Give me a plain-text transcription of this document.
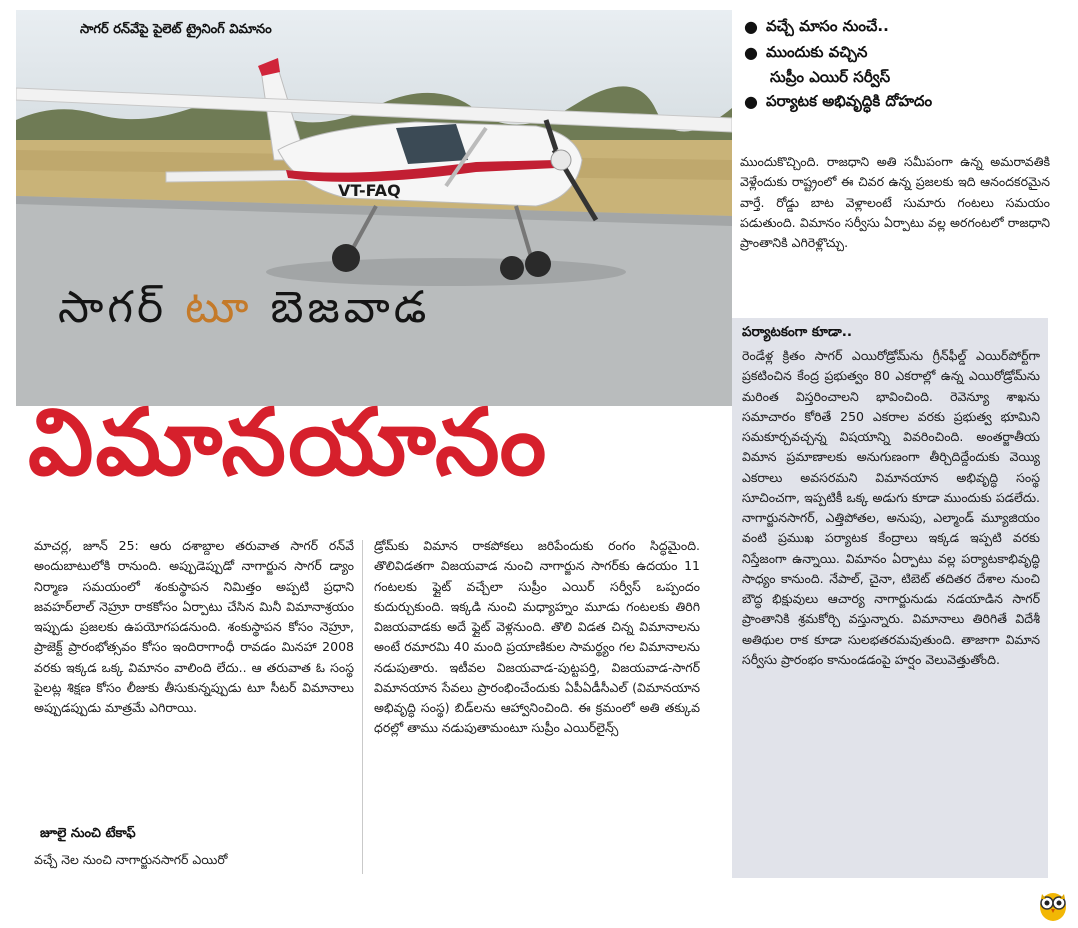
VT-FAQ
సాగర్ రన్‌వేపై పైలెట్ ట్రైనింగ్ విమానం
సాగర్ టూ బెజవాడ
విమానయానం
● వచ్చే మాసం నుంచే..
● ముందుకు వచ్చిన
సుప్రీం ఎయిర్ సర్వీస్
● పర్యాటక అభివృద్ధికి దోహదం
ముందుకొచ్చింది. రాజధాని అతి సమీపంగా ఉన్న అమరావతికి వెళ్లేందుకు రాష్ట్రంలో ఈ చివర ఉన్న ప్రజలకు ఇది ఆనందకరమైన వార్తే. రోడ్డు బాట వెళ్లాలంటే సుమారు గంటలు సమయం పడుతుంది. విమానం సర్వీసు ఏర్పాటు వల్ల అరగంటలో రాజధాని ప్రాంతానికి ఎగిరెళ్లొచ్చు.
పర్యాటకంగా కూడా..
రెండేళ్ల క్రితం సాగర్ ఎయిరోడ్రోమ్‌ను గ్రీన్‌ఫీల్డ్ ఎయిర్‌పోర్ట్‌గా ప్రకటించిన కేంద్ర ప్రభుత్వం 80 ఎకరాల్లో ఉన్న ఎయిరోడ్రోమ్‌ను మరింత విస్తరించాలని భావించింది. రెవెన్యూ శాఖను సమాచారం కోరితే 250 ఎకరాల వరకు ప్రభుత్వ భూమిని సమకూర్చవచ్చన్న విషయాన్ని వివరించింది. అంతర్జాతీయ విమాన ప్రమాణాలకు అనుగుణంగా తీర్చిదిద్దేందుకు వెయ్యి ఎకరాలు అవసరమని విమానయాన అభివృద్ధి సంస్థ సూచించగా, ఇప్పటికీ ఒక్క అడుగు కూడా ముందుకు పడలేదు. నాగార్జునసాగర్, ఎత్తిపోతల, అనుపు, ఎల్మాండ్ మ్యూజియం వంటి ప్రముఖ పర్యాటక కేంద్రాలు ఇక్కడ ఇప్పటి వరకు నిస్తేజంగా ఉన్నాయి. విమానం ఏర్పాటు వల్ల పర్యాటకాభివృద్ధి సాధ్యం కానుంది. నేపాల్, చైనా, టిబెట్ తదితర దేశాల నుంచి బౌద్ధ భిక్షువులు ఆచార్య నాగార్జునుడు నడయాడిన సాగర్ ప్రాంతానికి శ్రమకోర్చి వస్తున్నారు. విమానాలు తిరిగితే విదేశీ అతిథుల రాక కూడా సులభతరమవుతుంది. తాజాగా విమాన సర్వీసు ప్రారంభం కానుండడంపై హర్షం వెలువెత్తుతోంది.
మాచర్ల, జూన్ 25: ఆరు దశాబ్దాల తరువాత సాగర్ రన్‌వే అందుబాటులోకి రానుంది. అప్పుడెప్పుడో నాగార్జున సాగర్ డ్యాం నిర్మాణ సమయంలో శంకుస్థాపన నిమిత్తం అప్పటి ప్రధాని జవహర్‌లాల్ నెహ్రూ రాకకోసం ఏర్పాటు చేసిన మినీ విమానాశ్రయం ఇప్పుడు ప్రజలకు ఉపయోగపడనుంది. శంకుస్థాపన కోసం నెహ్రూ, ప్రాజెక్ట్ ప్రారంభోత్సవం కోసం ఇందిరాగాంధీ రావడం మినహా 2008 వరకు ఇక్కడ ఒక్క విమానం వాలింది లేదు.. ఆ తరువాత ఓ సంస్థ పైలట్ల శిక్షణ కోసం లీజుకు తీసుకున్నప్పుడు టూ సీటర్ విమానాలు అప్పుడప్పుడు మాత్రమే ఎగిరాయి.
జూలై నుంచి టేకాఫ్
వచ్చే నెల నుంచి నాగార్జునసాగర్ ఎయిరో
డ్రోమ్‌కు విమాన రాకపోకలు జరిపేందుకు రంగం సిద్ధమైంది. తొలివిడతగా విజయవాడ నుంచి నాగార్జున సాగర్‌కు ఉదయం 11 గంటలకు ఫ్లైట్ వచ్చేలా సుప్రీం ఎయిర్ సర్వీస్ ఒప్పందం కుదుర్చుకుంది. ఇక్కడి నుంచి మధ్యాహ్నం మూడు గంటలకు తిరిగి విజయవాడకు అదే ఫ్లైట్ వెళ్లనుంది. తొలి విడత చిన్న విమానాలను అంటే రమారమి 40 మంది ప్రయాణికుల సామర్థ్యం గల విమానాలను నడుపుతారు. ఇటీవల విజయవాడ-పుట్టపర్తి, విజయవాడ-సాగర్ విమానయాన సేవలు ప్రారంభించేందుకు ఏపీఏడీసీఎల్ (విమానయాన అభివృద్ధి సంస్థ) బిడ్‌లను ఆహ్వానించింది. ఈ క్రమంలో అతి తక్కువ ధరల్లో తాము నడుపుతామంటూ సుప్రీం ఎయిర్‌లైన్స్
